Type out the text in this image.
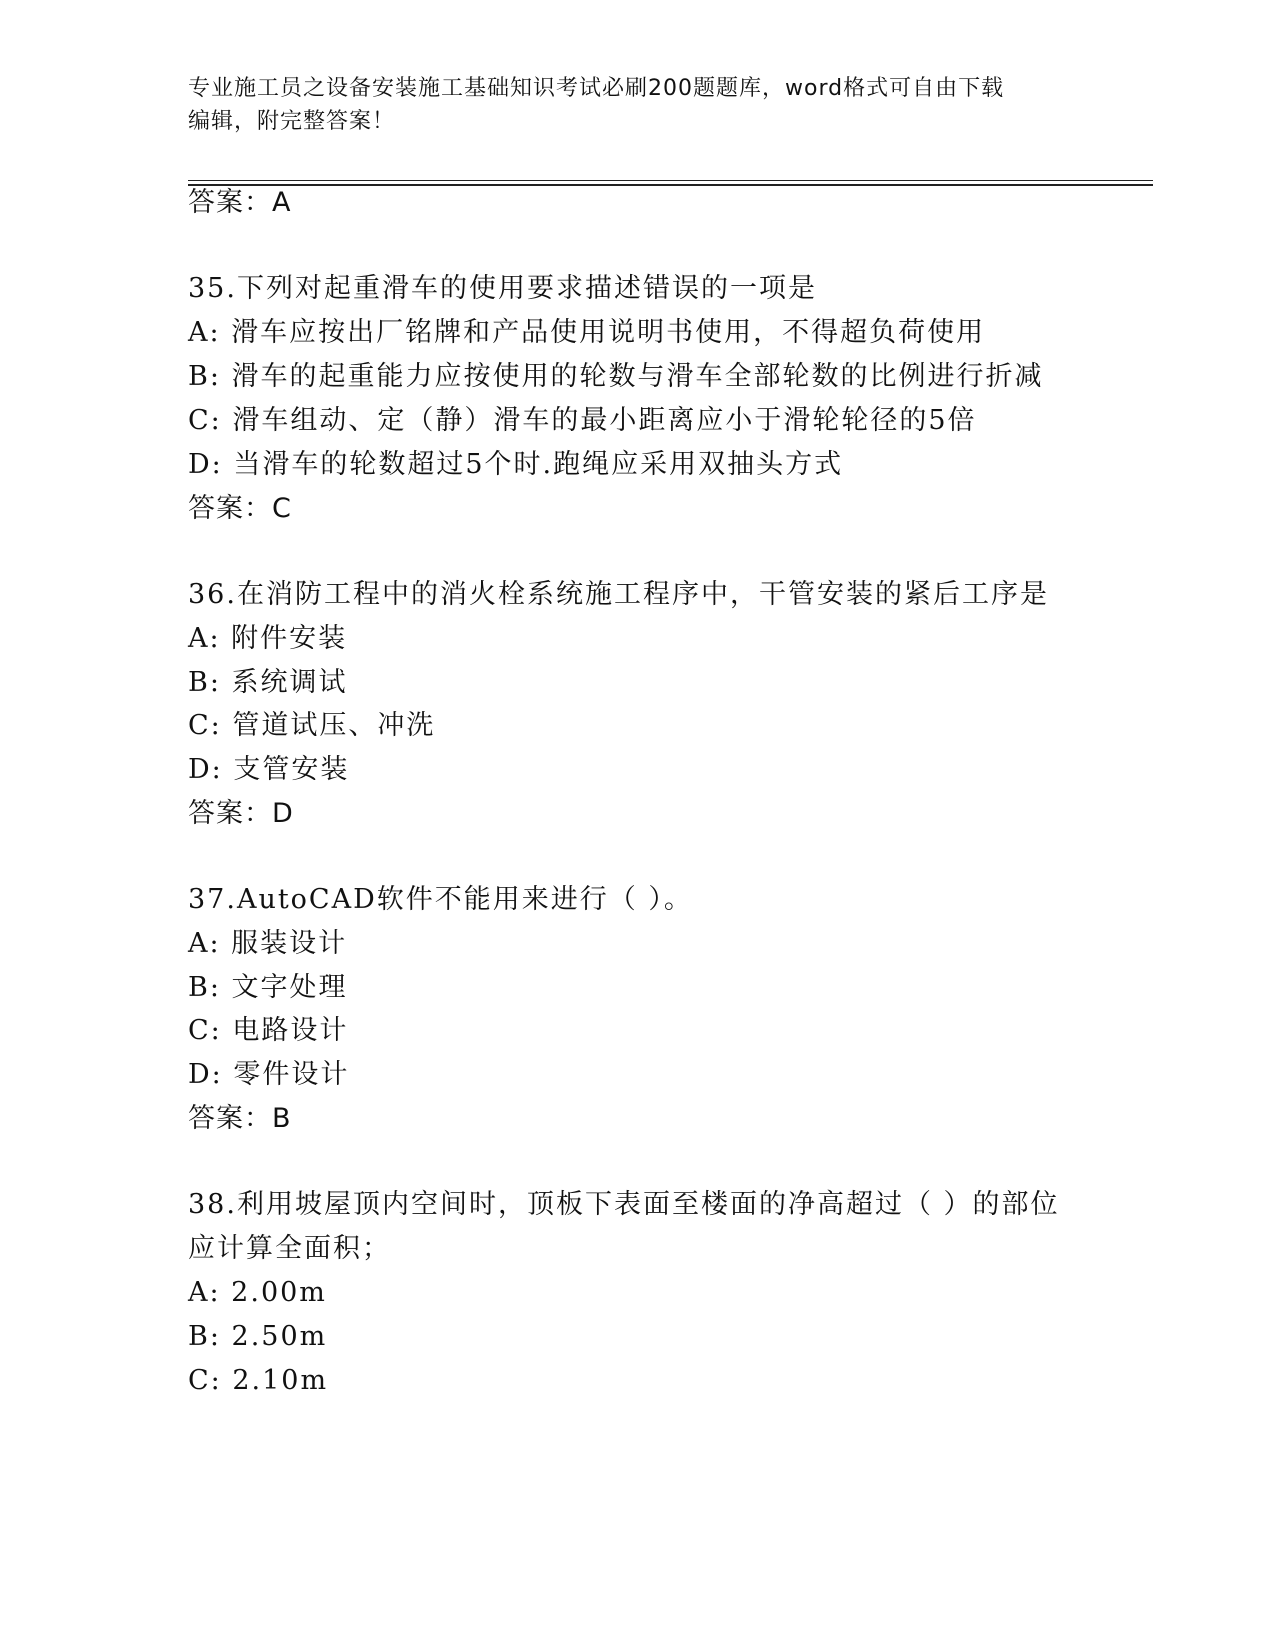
专业施工员之设备安装施工基础知识考试必刷200题题库，word格式可自由下载
编辑，附完整答案！
答案：A
35.下列对起重滑车的使用要求描述错误的一项是
A: 滑车应按出厂铭牌和产品使用说明书使用，不得超负荷使用
B: 滑车的起重能力应按使用的轮数与滑车全部轮数的比例进行折减
C: 滑车组动、定（静）滑车的最小距离应小于滑轮轮径的5倍
D: 当滑车的轮数超过5个时.跑绳应采用双抽头方式
答案：C
36.在消防工程中的消火栓系统施工程序中，干管安装的紧后工序是
A: 附件安装
B: 系统调试
C: 管道试压、冲洗
D: 支管安装
答案：D
37.AutoCAD软件不能用来进行（ ）。
A: 服装设计
B: 文字处理
C: 电路设计
D: 零件设计
答案：B
38.利用坡屋顶内空间时，顶板下表面至楼面的净高超过（ ）的部位
应计算全面积；
A: 2.00m
B: 2.50m
C: 2.10m
